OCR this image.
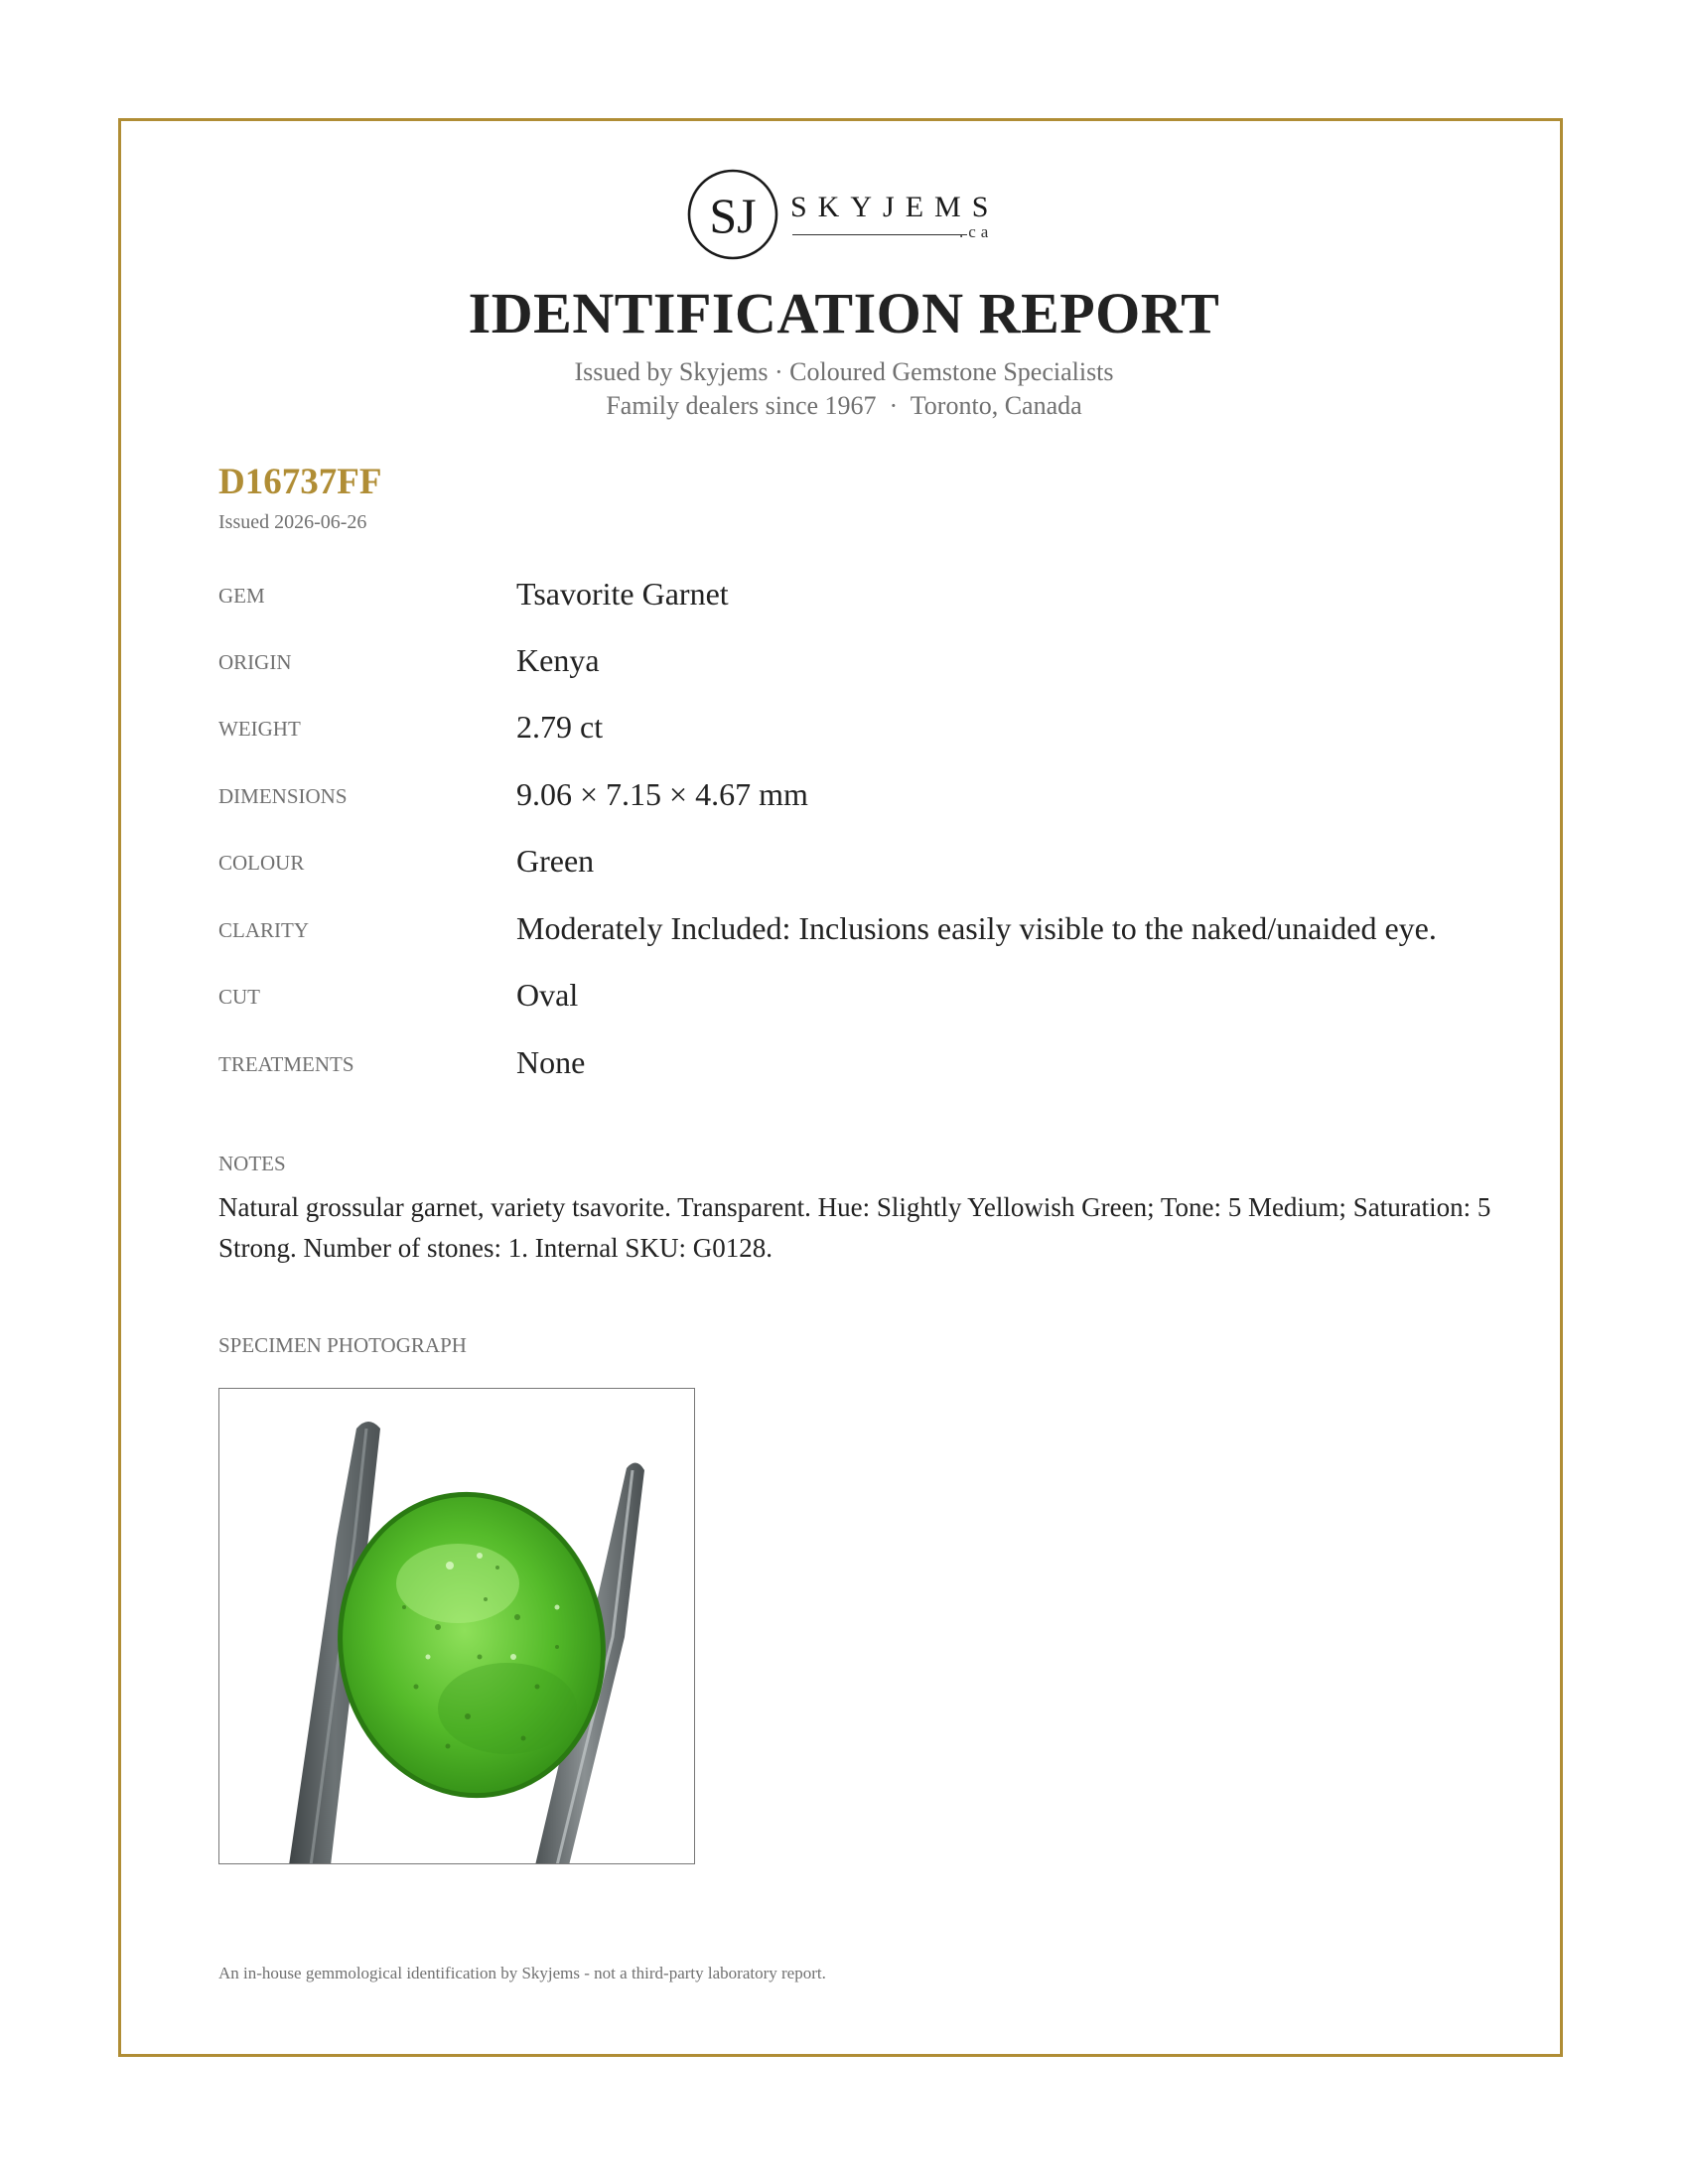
SJ SKYJEMS
.ca
IDENTIFICATION REPORT
Issued by Skyjems · Coloured Gemstone Specialists
Family dealers since 1967  ·  Toronto, Canada
D16737FF
Issued 2026-06-26
GEM	Tsavorite Garnet
ORIGIN	Kenya
WEIGHT	2.79 ct
DIMENSIONS	9.06 × 7.15 × 4.67 mm
COLOUR	Green
CLARITY	Moderately Included: Inclusions easily visible to the naked/unaided eye.
CUT	Oval
TREATMENTS	None
NOTES
Natural grossular garnet, variety tsavorite. Transparent. Hue: Slightly Yellowish Green; Tone: 5 Medium; Saturation: 5 Strong. Number of stones: 1. Internal SKU: G0128.
SPECIMEN PHOTOGRAPH
An in-house gemmological identification by Skyjems - not a third-party laboratory report.
